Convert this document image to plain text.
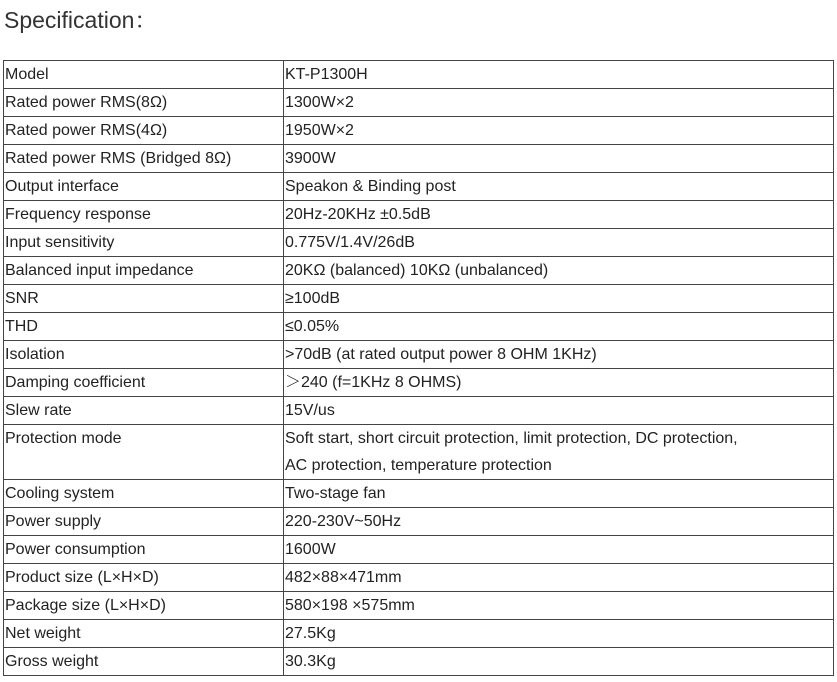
Specification：
Model	KT-P1300H
Rated power RMS(8Ω)	1300W×2
Rated power RMS(4Ω)	1950W×2
Rated power RMS (Bridged 8Ω)	3900W
Output interface	Speakon & Binding post
Frequency response	20Hz-20KHz ±0.5dB
Input sensitivity	0.775V/1.4V/26dB
Balanced input impedance	20KΩ (balanced) 10KΩ (unbalanced)
SNR	≥100dB
THD	≤0.05%
Isolation	>70dB (at rated output power 8 OHM 1KHz)
Damping coefficient	＞240 (f=1KHz 8 OHMS)
Slew rate	15V/us
Protection mode	Soft start, short circuit protection, limit protection, DC protection,
AC protection, temperature protection

Cooling system	Two-stage fan
Power supply	220-230V~50Hz
Power consumption	1600W
Product size (L×H×D)	482×88×471mm
Package size (L×H×D)	580×198 ×575mm
Net weight	27.5Kg
Gross weight	30.3Kg
